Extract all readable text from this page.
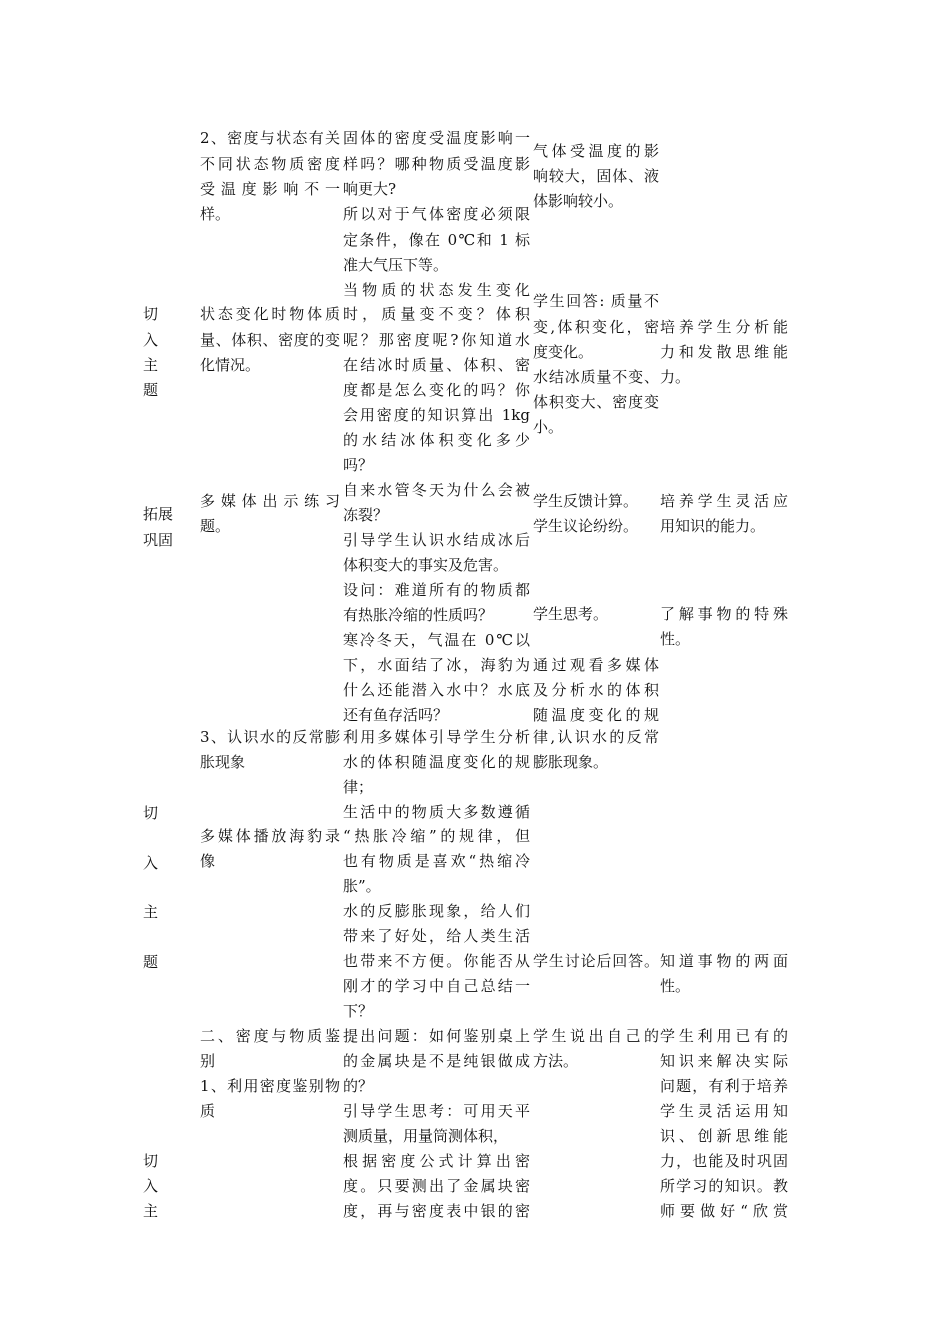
切
入
主
题
拓展
巩固
切
入
主
题
切
入
主
2、密度与状态有关
不同状态物质密度
受温度影响不一
样。
状态变化时物体质
量、体积、密度的变
化情况。
多媒体出示练习
题。
3、认识水的反常膨
胀现象
多媒体播放海豹录
像
二、密度与物质鉴
别
1、利用密度鉴别物
质
固体的密度受温度影响一
样吗？哪种物质受温度影
响更大?
所以对于气体密度必须限
定条件，像在 0℃和 1 标
准大气压下等。
当物质的状态发生变化
时，质量变不变？体积
呢？那密度呢?你知道水
在结冰时质量、体积、密
度都是怎么变化的吗？你
会用密度的知识算出 1kg
的水结冰体积变化多少
吗？
自来水管冬天为什么会被
冻裂？
引导学生认识水结成冰后
体积变大的事实及危害。
设问：难道所有的物质都
有热胀冷缩的性质吗？
寒冷冬天，气温在 0℃以
下，水面结了冰，海豹为
什么还能潜入水中？水底
还有鱼存活吗？
利用多媒体引导学生分析
水的体积随温度变化的规
律；
生活中的物质大多数遵循
“热胀冷缩”的规律，但
也有物质是喜欢“热缩冷
胀”。
水的反膨胀现象，给人们
带来了好处，给人类生活
也带来不方便。你能否从
刚才的学习中自己总结一
下？
提出问题：如何鉴别桌上
的金属块是不是纯银做成
的？
引导学生思考：可用天平
测质量，用量筒测体积，
根据密度公式计算出密
度。只要测出了金属块密
度，再与密度表中银的密
气体受温度的影
响较大，固体、液
体影响较小。
学生回答: 质量不
变,体积变化，密
度变化。
水结冰质量不变、
体积变大、密度变
小。
学生反馈计算。
学生议论纷纷。
学生思考。
通过观看多媒体
及分析水的体积
随温度变化的规
律,认识水的反常
膨胀现象。
学生讨论后回答。
学生说出自己的
方法。
培养学生分析能
力和发散思维能
力。
培养学生灵活应
用知识的能力。
了解事物的特殊
性。
知道事物的两面
性。
学生利用已有的
知识来解决实际
问题，有利于培养
学生灵活运用知
识、创新思维能
力，也能及时巩固
所学习的知识。教
师要做好“欣赏
